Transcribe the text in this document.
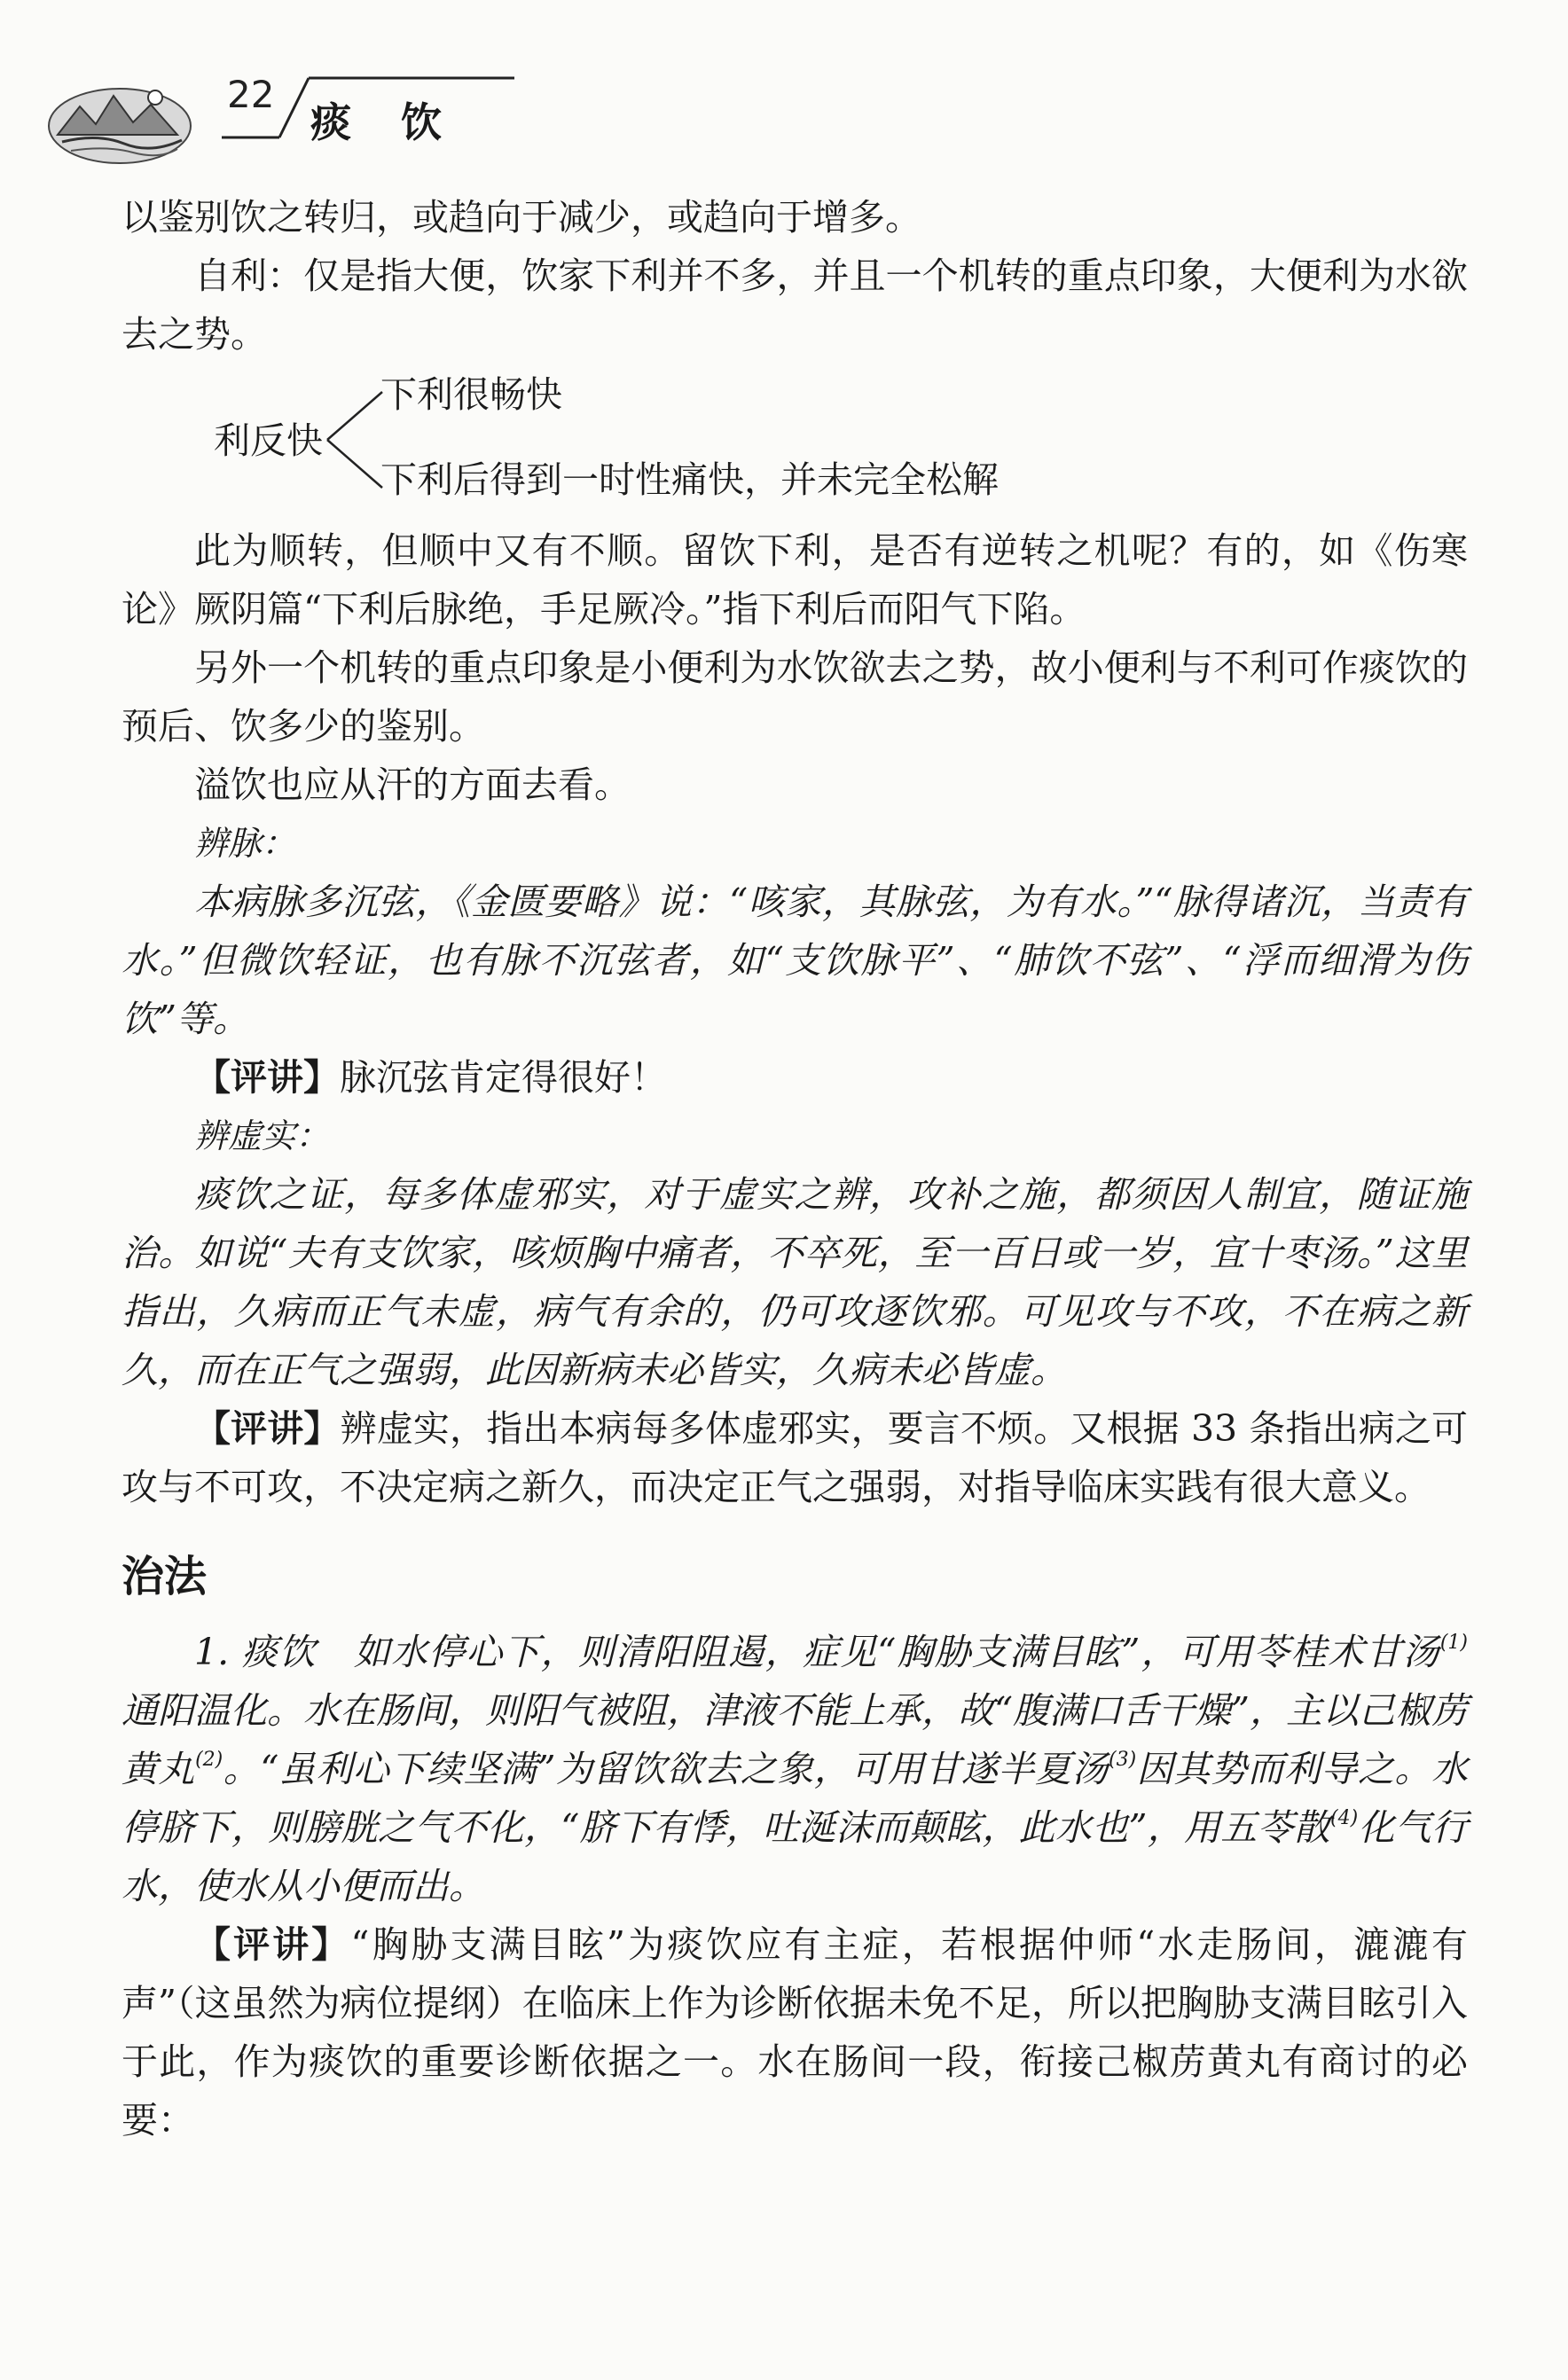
22
痰饮

以鉴别饮之转归，或趋向于减少，或趋向于增多。

自利：仅是指大便，饮家下利并不多，并且一个机转的重点印象，大便利为水欲去之势。

利反快
下利很畅快
下利后得到一时性痛快，并未完全松解

此为顺转，但顺中又有不顺。留饮下利，是否有逆转之机呢？有的，如《伤寒论》厥阴篇“下利后脉绝，手足厥冷。”指下利后而阳气下陷。

另外一个机转的重点印象是小便利为水饮欲去之势，故小便利与不利可作痰饮的预后、饮多少的鉴别。

溢饮也应从汗的方面去看。

辨脉：

本病脉多沉弦，《金匮要略》说：“咳家，其脉弦，为有水。”“脉得诸沉，当责有水。”但微饮轻证，也有脉不沉弦者，如“支饮脉平”、“肺饮不弦”、“浮而细滑为伤饮”等。

【评讲】脉沉弦肯定得很好！

辨虚实：

痰饮之证，每多体虚邪实，对于虚实之辨，攻补之施，都须因人制宜，随证施治。如说“夫有支饮家，咳烦胸中痛者，不卒死，至一百日或一岁，宜十枣汤。”这里指出，久病而正气未虚，病气有余的，仍可攻逐饮邪。可见攻与不攻，不在病之新久，而在正气之强弱，此因新病未必皆实，久病未必皆虚。

【评讲】辨虚实，指出本病每多体虚邪实，要言不烦。又根据 33 条指出病之可攻与不可攻，不决定病之新久，而决定正气之强弱，对指导临床实践有很大意义。

治法

1. 痰饮　如水停心下，则清阳阻遏，症见“胸胁支满目眩”，可用苓桂术甘汤$^{(1)}$通阳温化。水在肠间，则阳气被阻，津液不能上承，故“腹满口舌干燥”，主以己椒苈黄丸$^{(2)}$。“虽利心下续坚满”为留饮欲去之象，可用甘遂半夏汤$^{(3)}$因其势而利导之。水停脐下，则膀胱之气不化，“脐下有悸，吐涎沫而颠眩，此水也”，用五苓散$^{(4)}$化气行水，使水从小便而出。

【评讲】“胸胁支满目眩”为痰饮应有主症，若根据仲师“水走肠间，漉漉有声”（这虽然为病位提纲）在临床上作为诊断依据未免不足，所以把胸胁支满目眩引入于此，作为痰饮的重要诊断依据之一。水在肠间一段，衔接己椒苈黄丸有商讨的必要：
